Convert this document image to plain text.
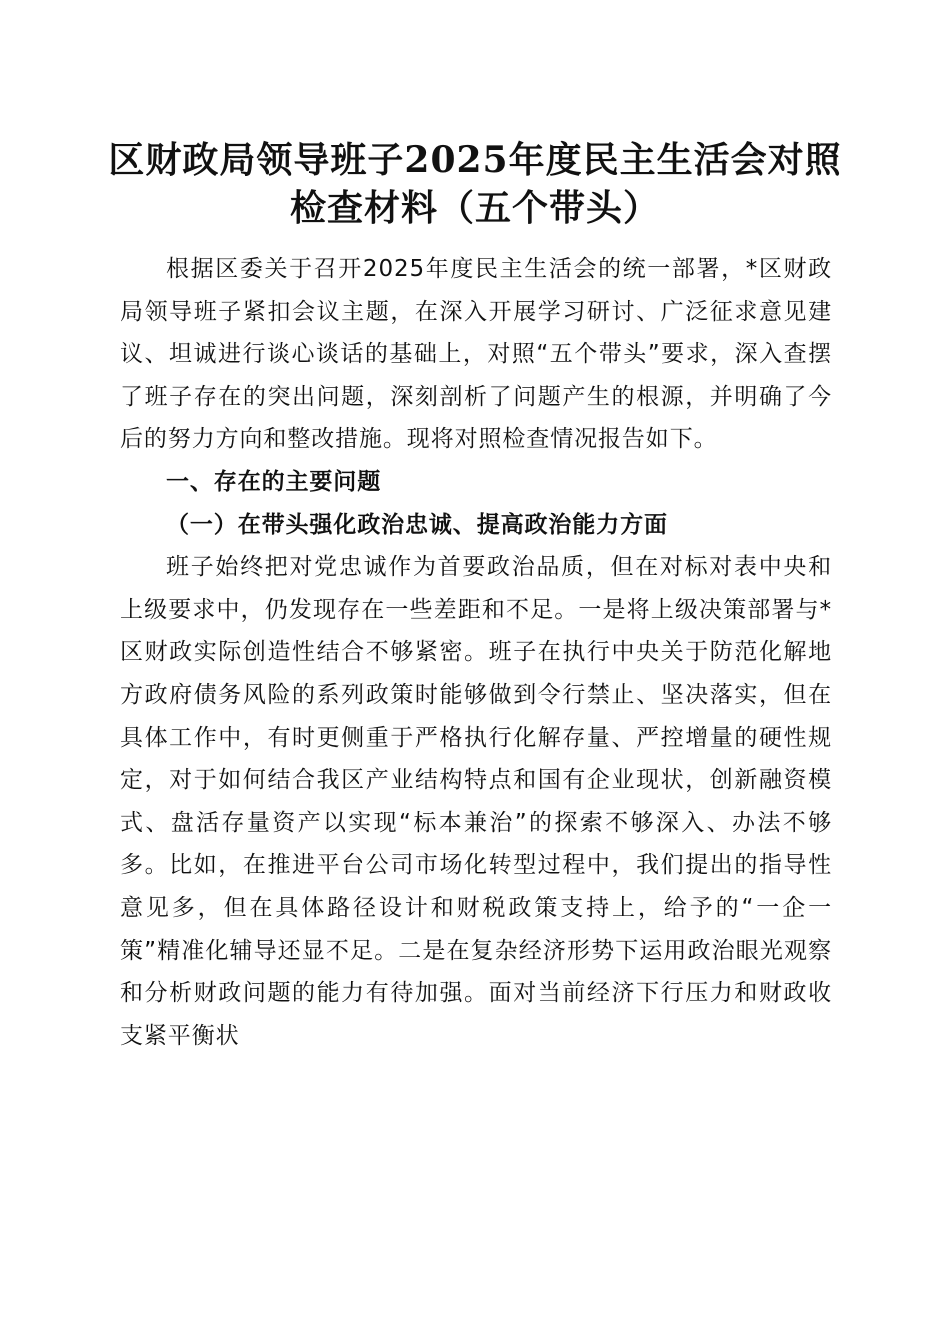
区财政局领导班子2025年度民主生活会对照
检查材料（五个带头）

根据区委关于召开2025年度民主生活会的统一部署，*区财政局领导班子紧扣会议主题，在深入开展学习研讨、广泛征求意见建议、坦诚进行谈心谈话的基础上，对照“五个带头”要求，深入查摆了班子存在的突出问题，深刻剖析了问题产生的根源，并明确了今后的努力方向和整改措施。现将对照检查情况报告如下。

一、存在的主要问题
（一）在带头强化政治忠诚、提高政治能力方面

班子始终把对党忠诚作为首要政治品质，但在对标对表中央和上级要求中，仍发现存在一些差距和不足。一是将上级决策部署与*区财政实际创造性结合不够紧密。班子在执行中央关于防范化解地方政府债务风险的系列政策时能够做到令行禁止、坚决落实，但在具体工作中，有时更侧重于严格执行化解存量、严控增量的硬性规定，对于如何结合我区产业结构特点和国有企业现状，创新融资模式、盘活存量资产以实现“标本兼治”的探索不够深入、办法不够多。比如，在推进平台公司市场化转型过程中，我们提出的指导性意见多，但在具体路径设计和财税政策支持上，给予的“一企一策”精准化辅导还显不足。二是在复杂经济形势下运用政治眼光观察和分析财政问题的能力有待加强。面对当前经济下行压力和财政收支紧平衡状
